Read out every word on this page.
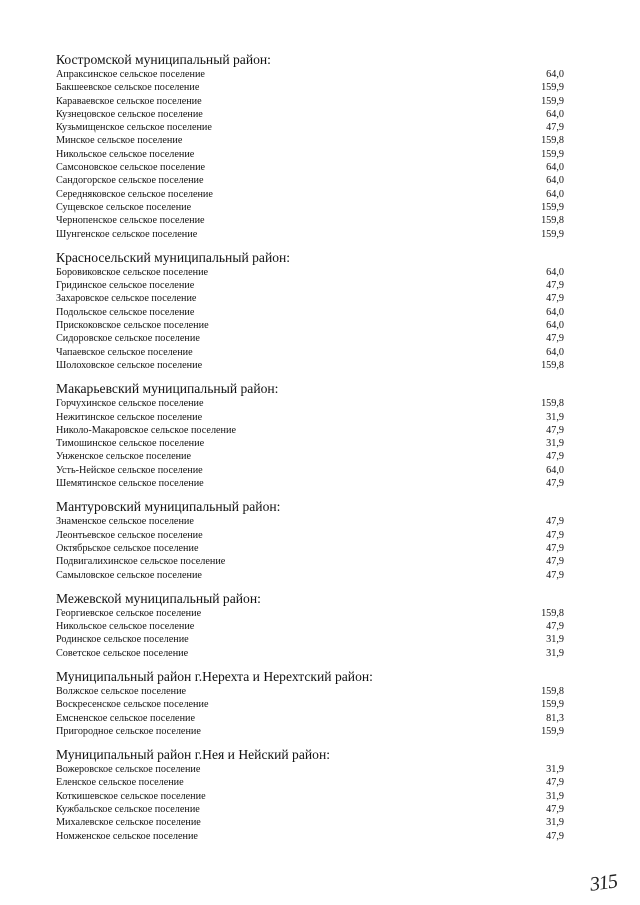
Костромской муниципальный район:
Апраксинское сельское поселение	64,0
Бакшеевское сельское поселение	159,9
Караваевское сельское поселение	159,9
Кузнецовское сельское поселение	64,0
Кузьмищенское сельское поселение	47,9
Минское сельское поселение	159,8
Никольское сельское поселение	159,9
Самсоновское сельское поселение	64,0
Сандогорское сельское поселение	64,0
Середняковское сельское поселение	64,0
Сущевское сельское поселение	159,9
Чернопенское сельское поселение	159,8
Шунгенское сельское поселение	159,9
Красносельский муниципальный район:
Боровиковское сельское поселение	64,0
Гридинское сельское поселение	47,9
Захаровское сельское поселение	47,9
Подольское сельское поселение	64,0
Прискоковское сельское поселение	64,0
Сидоровское сельское поселение	47,9
Чапаевское сельское поселение	64,0
Шолоховское сельское поселение	159,8
Макарьевский муниципальный район:
Горчухинское сельское поселение	159,8
Нежитинское сельское поселение	31,9
Николо-Макаровское сельское поселение	47,9
Тимошинское сельское поселение	31,9
Унженское сельское поселение	47,9
Усть-Нейское сельское поселение	64,0
Шемятинское сельское поселение	47,9
Мантуровский муниципальный район:
Знаменское сельское поселение	47,9
Леонтьевское сельское поселение	47,9
Октябрьское сельское поселение	47,9
Подвигалихинское сельское поселение	47,9
Самыловское сельское поселение	47,9
Межевской муниципальный район:
Георгиевское сельское поселение	159,8
Никольское сельское поселение	47,9
Родинское сельское поселение	31,9
Советское сельское поселение	31,9
Муниципальный район г.Нерехта и Нерехтский район:
Волжское сельское поселение	159,8
Воскресенское сельское поселение	159,9
Емсненское сельское поселение	81,3
Пригородное сельское поселение	159,9
Муниципальный район г.Нея и Нейский район:
Вожеровское сельское поселение	31,9
Еленское сельское поселение	47,9
Коткишевское сельское поселение	31,9
Кужбальское сельское поселение	47,9
Михалевское сельское поселение	31,9
Номженское сельское поселение	47,9
315
